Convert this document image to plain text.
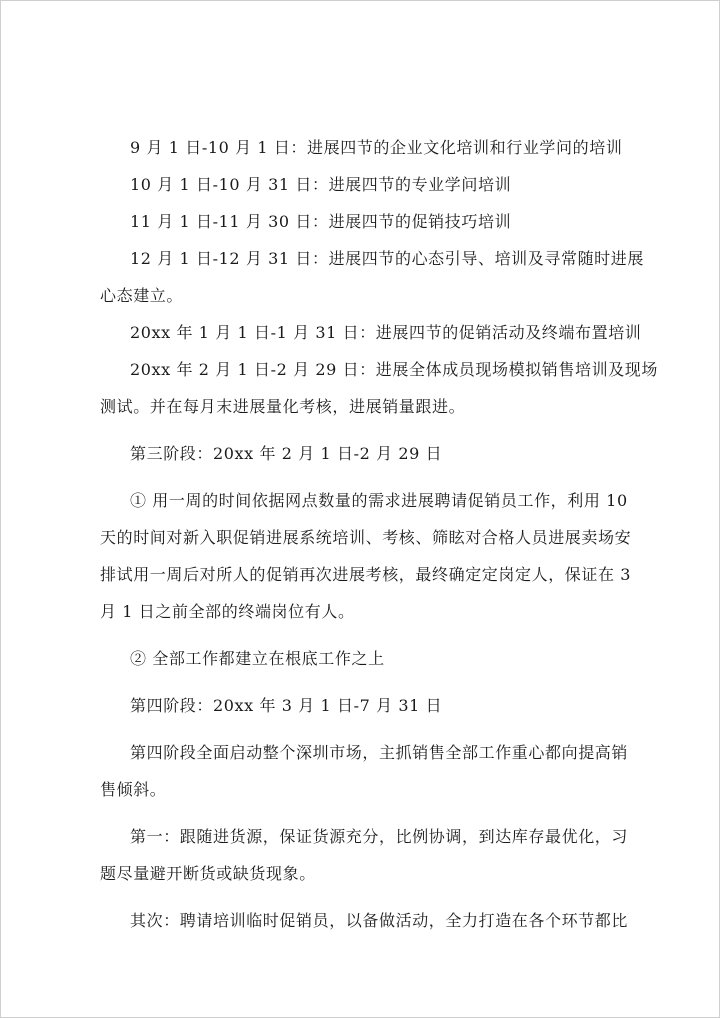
9 月 1 日-10 月 1 日：进展四节的企业文化培训和行业学问的培训

10 月 1 日-10 月 31 日：进展四节的专业学问培训

11 月 1 日-11 月 30 日：进展四节的促销技巧培训

12 月 1 日-12 月 31 日：进展四节的心态引导、培训及寻常随时进展

心态建立。

20xx 年 1 月 1 日-1 月 31 日：进展四节的促销活动及终端布置培训

20xx 年 2 月 1 日-2 月 29 日：进展全体成员现场模拟销售培训及现场

测试。并在每月末进展量化考核，进展销量跟进。

第三阶段：20xx 年 2 月 1 日-2 月 29 日

① 用一周的时间依据网点数量的需求进展聘请促销员工作，利用 10

天的时间对新入职促销进展系统培训、考核、筛眩对合格人员进展卖场安

排试用一周后对所人的促销再次进展考核，最终确定定岗定人，保证在 3

月 1 日之前全部的终端岗位有人。

② 全部工作都建立在根底工作之上

第四阶段：20xx 年 3 月 1 日-7 月 31 日

第四阶段全面启动整个深圳市场，主抓销售全部工作重心都向提高销

售倾斜。

第一：跟随进货源，保证货源充分，比例协调，到达库存最优化，习

题尽量避开断货或缺货现象。

其次：聘请培训临时促销员，以备做活动，全力打造在各个环节都比
